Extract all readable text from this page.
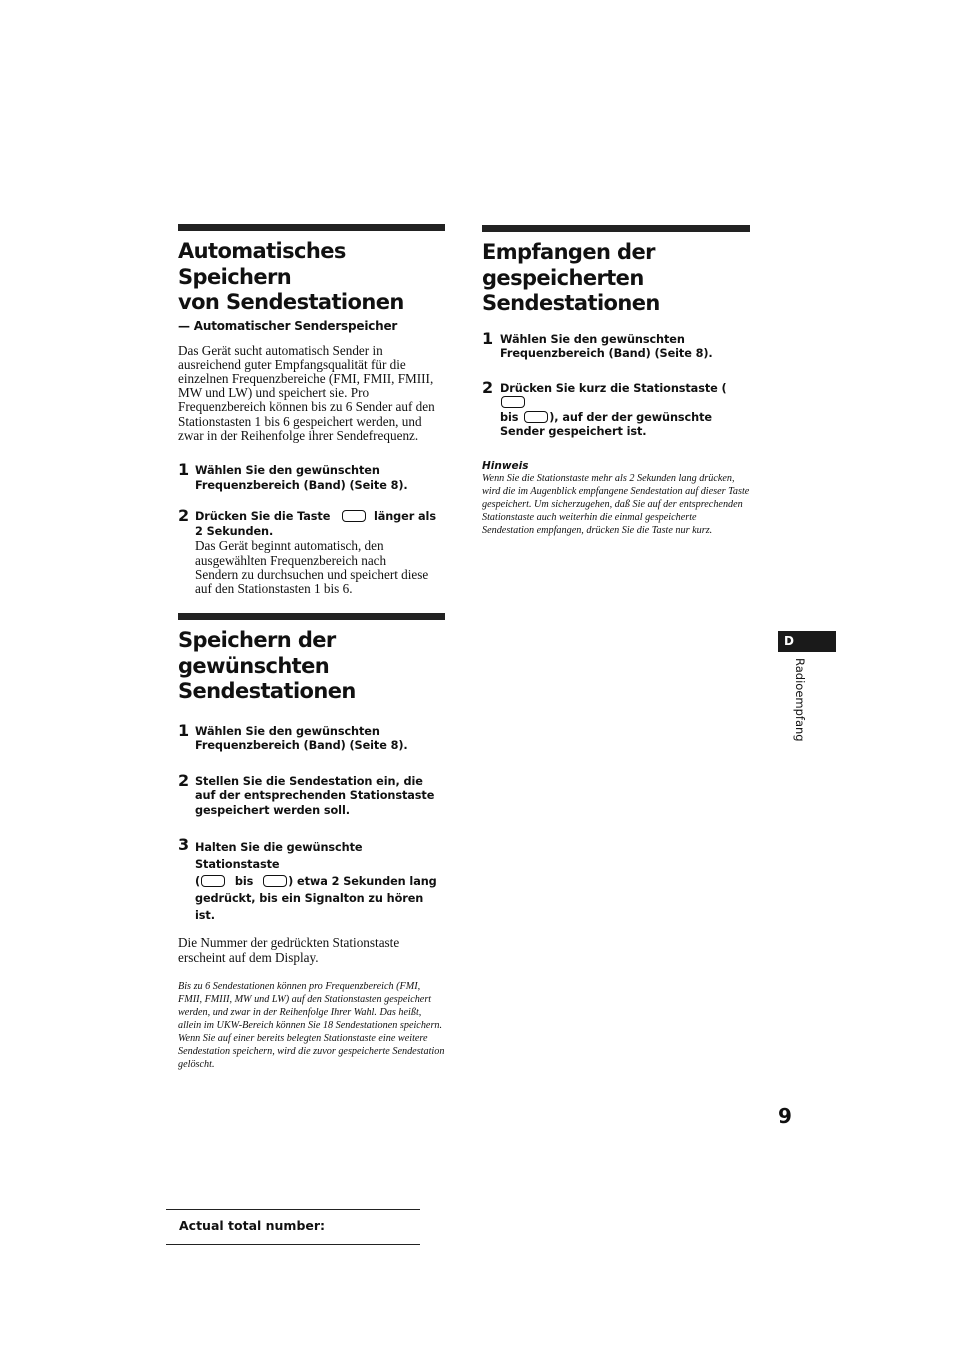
Automatisches Speichern
von Sendestationen
— Automatischer Senderspeicher
Das Gerät sucht automatisch Sender in ausreichend guter Empfangsqualität für die einzelnen Frequenzbereiche (FMI, FMII, FMIII, MW und LW) und speichert sie. Pro Frequenzbereich können bis zu 6 Sender auf den Stationstasten 1 bis 6 gespeichert werden, und zwar in der Reihenfolge ihrer Sendefrequenz.
1 Wählen Sie den gewünschten Frequenzbereich (Band) (Seite 8).
2 Drücken Sie die Taste	länger als 2 Sekunden.
Das Gerät beginnt automatisch, den ausgewählten Frequenzbereich nach Sendern zu durchsuchen und speichert diese auf den Stationstasten 1 bis 6.
Speichern der gewünschten
Sendestationen
1 Wählen Sie den gewünschten Frequenzbereich (Band) (Seite 8).
2 Stellen Sie die Sendestation ein, die auf der entsprechenden Stationstaste gespeichert werden soll.
3 Halten Sie die gewünschte Stationstaste
(	bis	) etwa 2 Sekunden lang
gedrückt, bis ein Signalton zu hören ist.
Die Nummer der gedrückten Stationstaste erscheint auf dem Display.
Bis zu 6 Sendestationen können pro Frequenzbereich (FMI, FMII, FMIII, MW und LW) auf den Stationstasten gespeichert werden, und zwar in der Reihenfolge Ihrer Wahl. Das heißt, allein im UKW-Bereich können Sie 18 Sendestationen speichern.
Wenn Sie auf einer bereits belegten Stationstaste eine weitere Sendestation speichern, wird die zuvor gespeicherte Sendestation gelöscht.
Empfangen der
gespeicherten
Sendestationen
1 Wählen Sie den gewünschten Frequenzbereich (Band) (Seite 8).
2 Drücken Sie kurz die Stationstaste (
bis	), auf der der gewünschte
Sender gespeichert ist.
Hinweis
Wenn Sie die Stationstaste mehr als 2 Sekunden lang drücken, wird die im Augenblick empfangene Sendestation auf dieser Taste gespeichert. Um sicherzugehen, daß Sie auf der entsprechenden Stationstaste auch weiterhin die einmal gespeicherte Sendestation empfangen, drücken Sie die Taste nur kurz.
D
Radioempfang
9
Actual total number:
